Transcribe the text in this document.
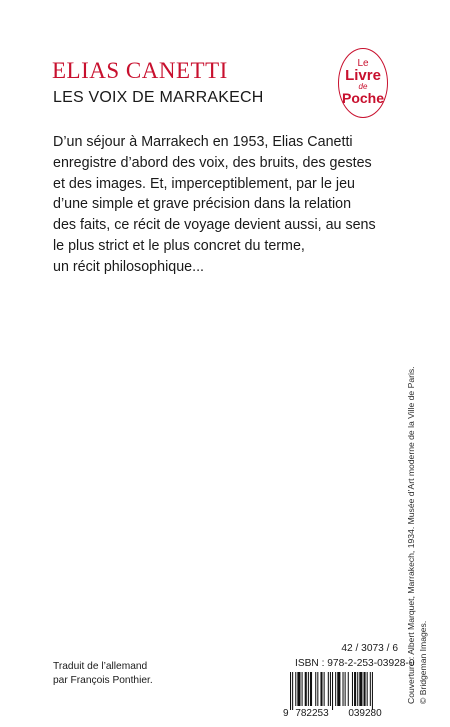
ELIAS CANETTI
LES VOIX DE MARRAKECH
Le
Livre
de
Poche

D’un séjour à Marrakech en 1953, Elias Canetti
enregistre d’abord des voix, des bruits, des gestes
et des images. Et, imperceptiblement, par le jeu
d’une simple et grave précision dans la relation
des faits, ce récit de voyage devient aussi, au sens
le plus strict et le plus concret du terme,
un récit philosophique...

Couverture : Albert Marquet, Marrakech, 1934. Musée d’Art moderne de la Ville de Paris. © Bridgeman Images.

Traduit de l’allemand
par François Ponthier.

42 / 3073 / 6

ISBN : 978-2-253-03928-0

9 782253 039280
